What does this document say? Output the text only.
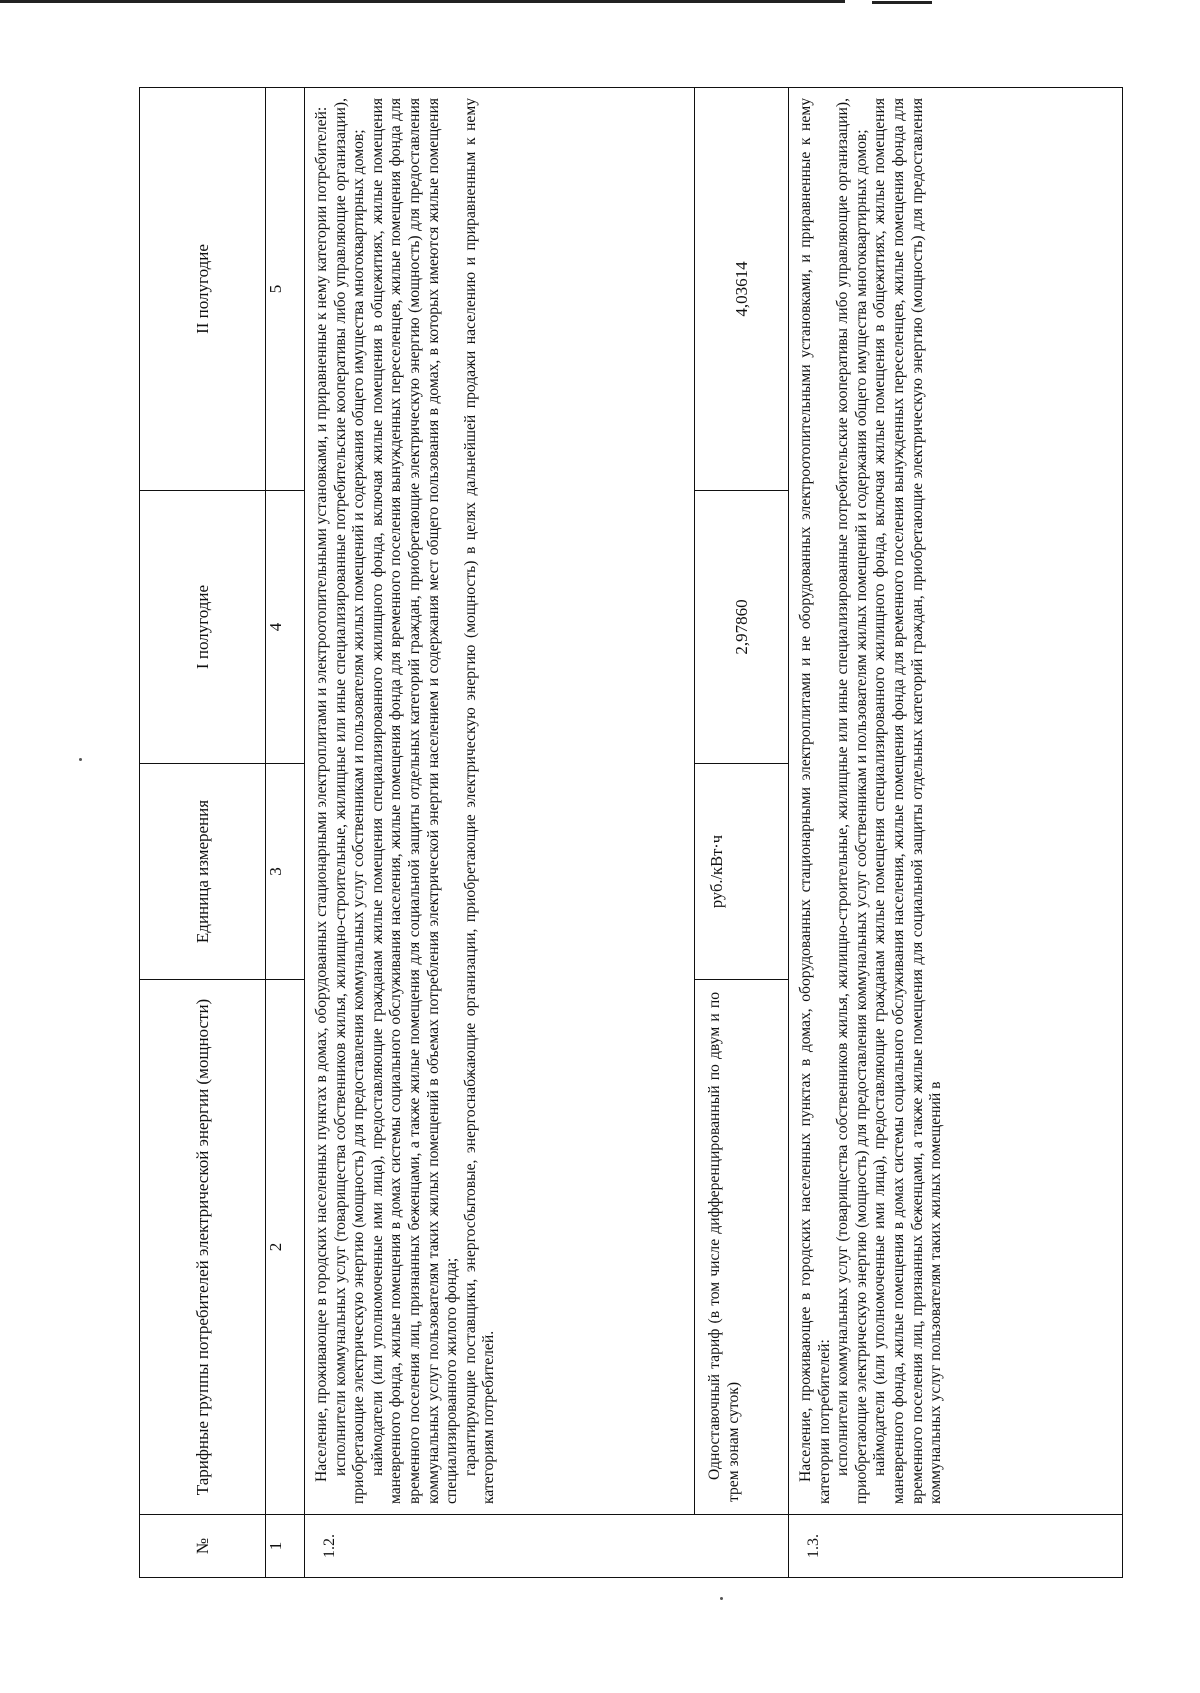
№	Тарифные группы потребителей электрической энергии (мощности)	Единица измерения	I полугодие	II полугодие
1	2	3	4	5
1.2.	Население, проживающее в городских населенных пунктах в домах, оборудованных стационарными электроплитами и электроотопительными установками, и приравненные к нему категории потребителей: исполнители коммунальных услуг (товарищества собственников жилья, жилищно-строительные, жилищные или иные специализированные потребительские кооперативы либо управляющие организации), приобретающие электрическую энергию (мощность) для предоставления коммунальных услуг собственникам и пользователям жилых помещений и содержания общего имущества многоквартирных домов; наймодатели (или уполномоченные ими лица), предоставляющие гражданам жилые помещения специализированного жилищного фонда, включая жилые помещения в общежитиях, жилые помещения маневренного фонда, жилые помещения в домах системы социального обслуживания населения, жилые помещения фонда для временного поселения вынужденных переселенцев, жилые помещения фонда для временного поселения лиц, признанных беженцами, а также жилые помещения для социальной защиты отдельных категорий граждан, приобретающие электрическую энергию (мощность) для предоставления коммунальных услуг пользователям таких жилых помещений в объемах потребления электрической энергии населением и содержания мест общего пользования в домах, в которых имеются жилые помещения специализированного жилого фонда; гарантирующие поставщики, энергосбытовые, энергоснабжающие организации, приобретающие электрическую энергию (мощность) в целях дальнейшей продажи населению и приравненным к нему категориям потребителей.			

	Одноставочный тариф (в том числе дифференцированный по двум и по трем зонам суток)	руб./кВт·ч	2,97860	4,03614
1.3.	Население, проживающее в городских населенных пунктах в домах, оборудованных стационарными электроплитами и не оборудованных электроотопительными установками, и приравненные к нему категории потребителей: исполнители коммунальных услуг (товарищества собственников жилья, жилищно-строительные, жилищные или иные специализированные потребительские кооперативы либо управляющие организации), приобретающие электрическую энергию (мощность) для предоставления коммунальных услуг собственникам и пользователям жилых помещений и содержания общего имущества многоквартирных домов; наймодатели (или уполномоченные ими лица), предоставляющие гражданам жилые помещения специализированного жилищного фонда, включая жилые помещения в общежитиях, жилые помещения маневренного фонда, жилые помещения в домах системы социального обслуживания населения, жилые помещения фонда для временного поселения вынужденных переселенцев, жилые помещения фонда для временного поселения лиц, признанных беженцами, а также жилые помещения для социальной защиты отдельных категорий граждан, приобретающие электрическую энергию (мощность) для предоставления коммунальных услуг пользователям таких жилых помещений в			
